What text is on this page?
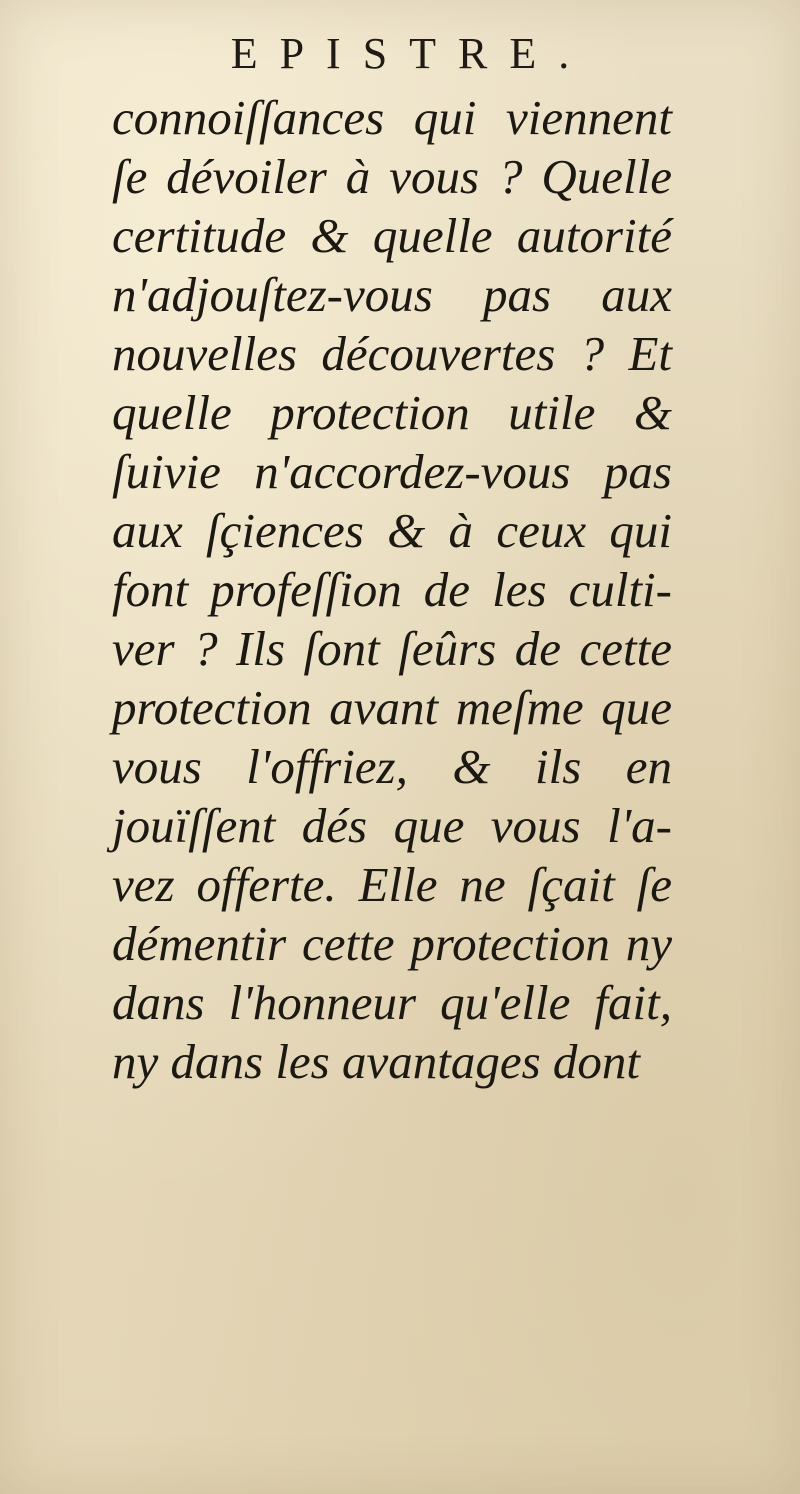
EPISTRE.
connoiſſances qui viennent
ſe dévoiler à vous ? Quelle
certitude & quelle autorité
n'adjouſtez-vous pas aux
nouvelles découvertes ? Et
quelle protection utile &
ſuivie n'accordez-vous pas
aux ſçiences & à ceux qui
font profeſſion de les culti-
ver ? Ils ſont ſeûrs de cette
protection avant meſme que
vous l'offriez, & ils en
jouïſſent dés que vous l'a-
vez offerte. Elle ne ſçait ſe
démentir cette protection ny
dans l'honneur qu'elle fait,
ny dans les avantages dont
